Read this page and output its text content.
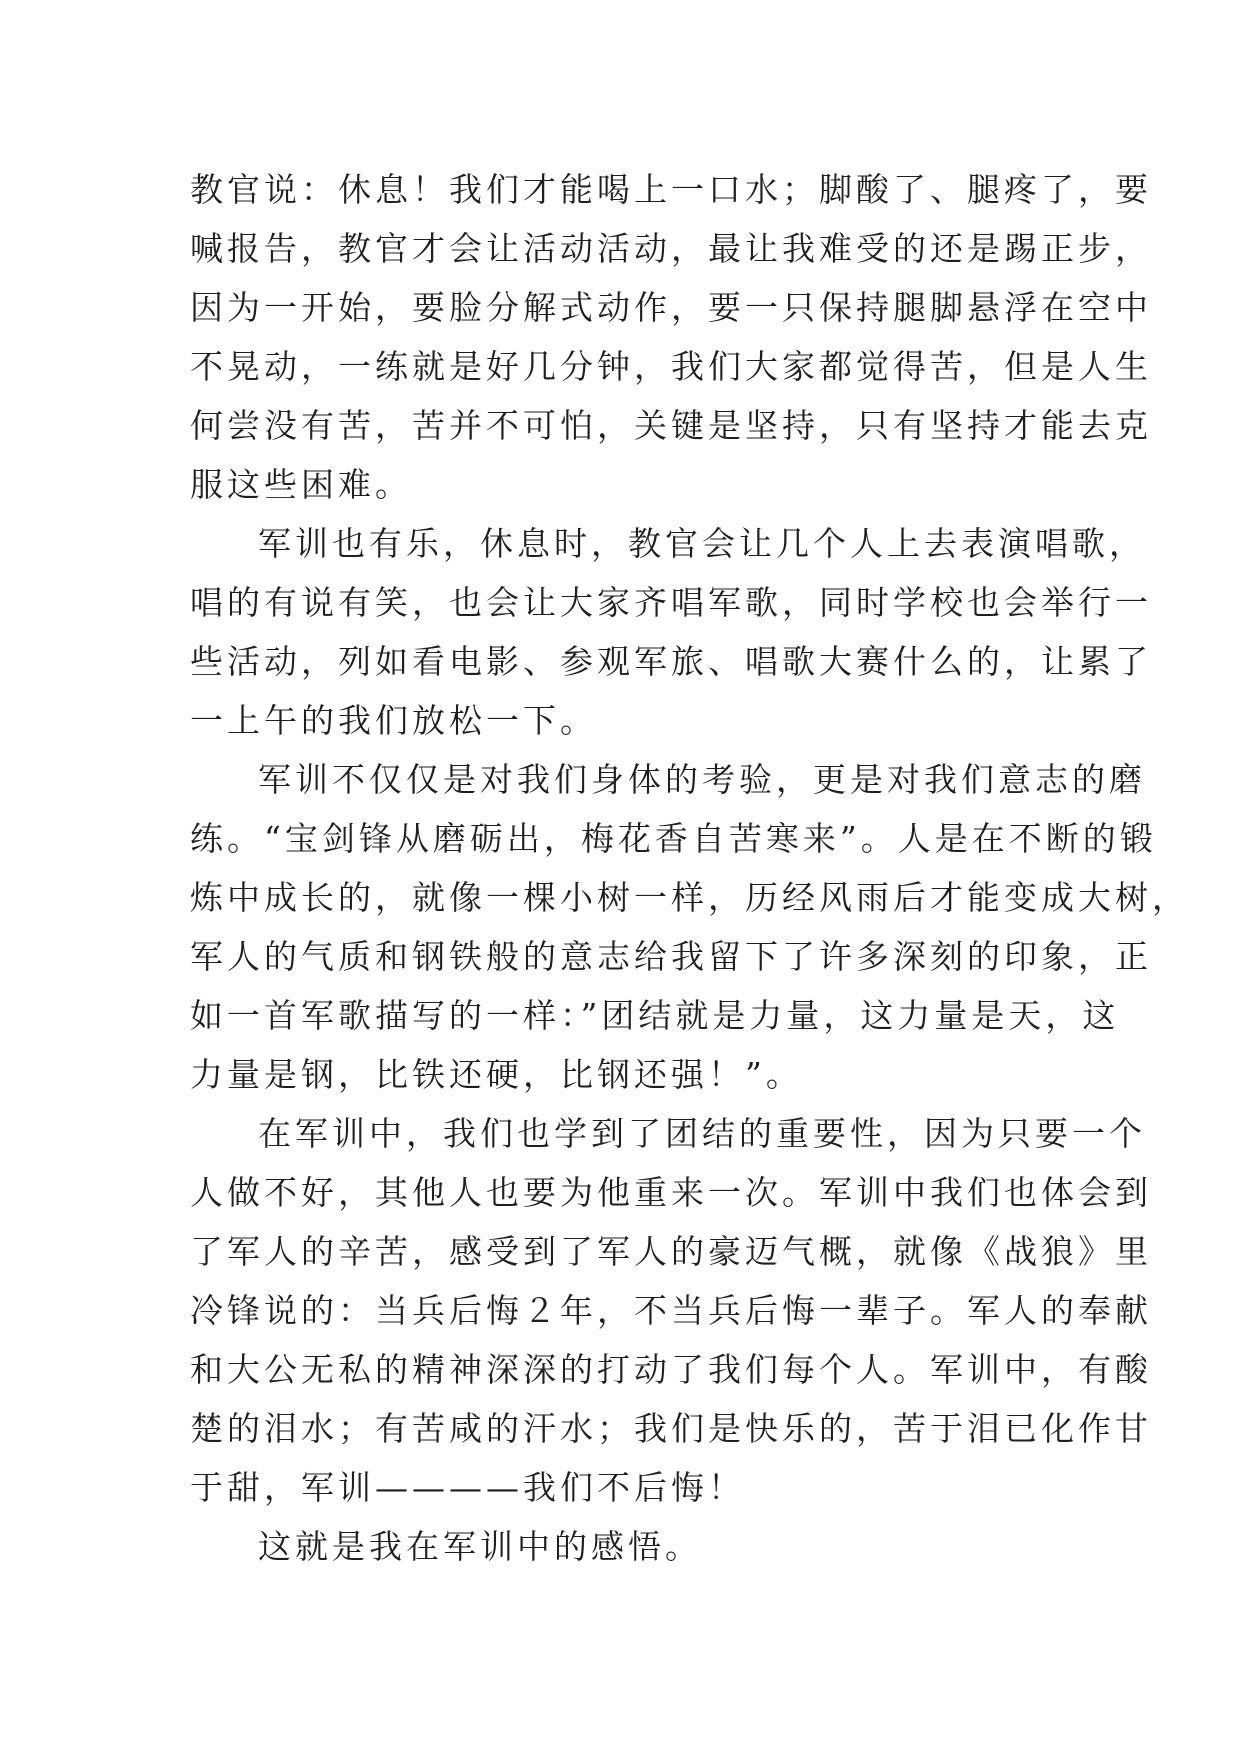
教官说：休息！我们才能喝上一口水；脚酸了、腿疼了，要
喊报告，教官才会让活动活动，最让我难受的还是踢正步，
因为一开始，要脸分解式动作，要一只保持腿脚悬浮在空中
不晃动，一练就是好几分钟，我们大家都觉得苦，但是人生
何尝没有苦，苦并不可怕，关键是坚持，只有坚持才能去克
服这些困难。
军训也有乐，休息时，教官会让几个人上去表演唱歌，
唱的有说有笑，也会让大家齐唱军歌，同时学校也会举行一
些活动，列如看电影、参观军旅、唱歌大赛什么的，让累了
一上午的我们放松一下。
军训不仅仅是对我们身体的考验，更是对我们意志的磨
练。“宝剑锋从磨砺出，梅花香自苦寒来”。人是在不断的锻
炼中成长的，就像一棵小树一样，历经风雨后才能变成大树，
军人的气质和钢铁般的意志给我留下了许多深刻的印象，正
如一首军歌描写的一样：”团结就是力量，这力量是天，这
力量是钢，比铁还硬，比钢还强！”。
在军训中，我们也学到了团结的重要性，因为只要一个
人做不好，其他人也要为他重来一次。军训中我们也体会到
了军人的辛苦，感受到了军人的豪迈气概，就像《战狼》里
冷锋说的：当兵后悔２年，不当兵后悔一辈子。军人的奉献
和大公无私的精神深深的打动了我们每个人。军训中，有酸
楚的泪水；有苦咸的汗水；我们是快乐的，苦于泪已化作甘
于甜，军训————我们不后悔！
这就是我在军训中的感悟。
